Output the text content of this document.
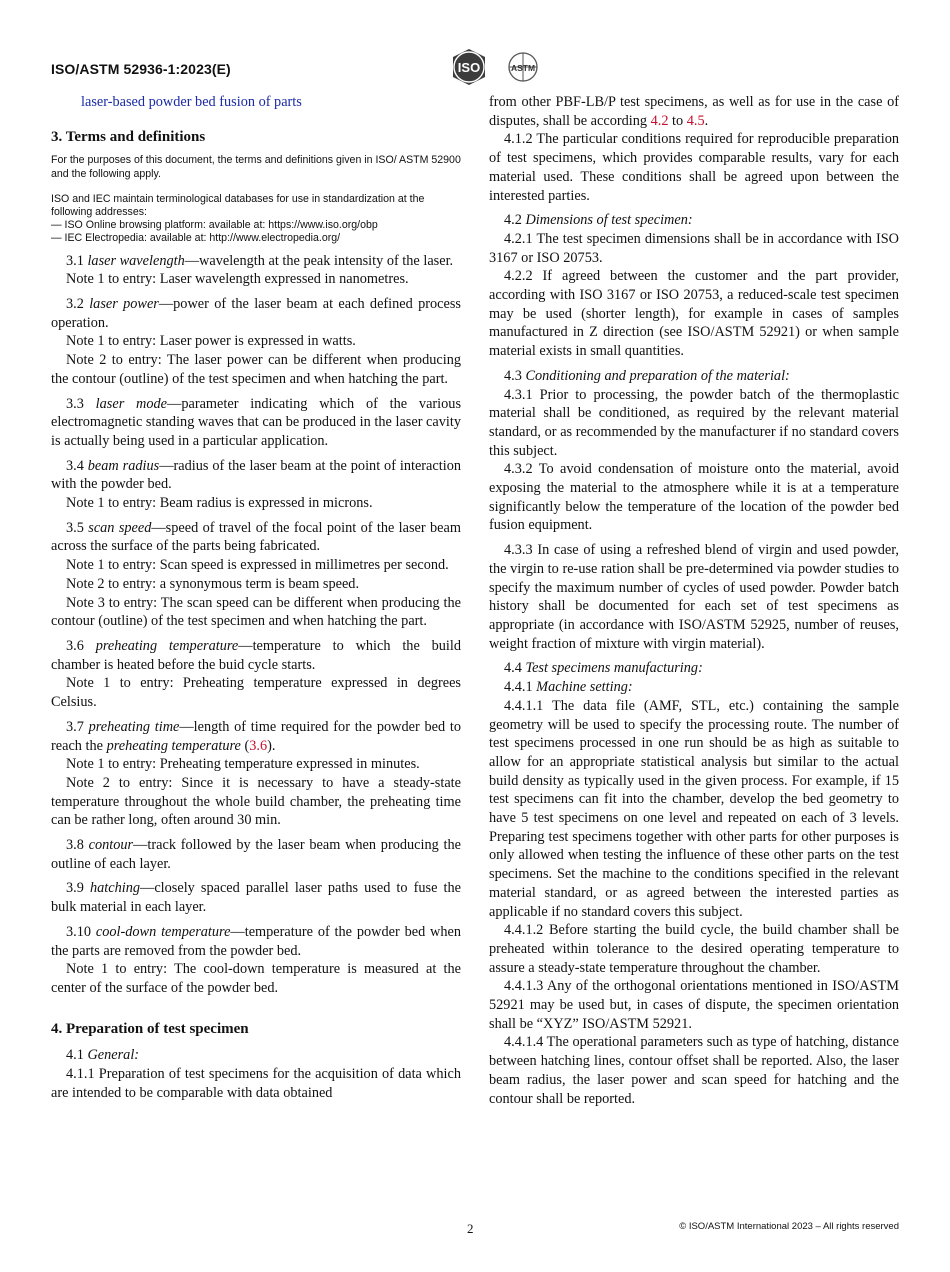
ISO/ASTM 52936-1:2023(E)	ISO	ASTM

laser-based powder bed fusion of parts

3. Terms and definitions

For the purposes of this document, the terms and definitions given in ISO/ ASTM 52900 and the following apply.

ISO and IEC maintain terminological databases for use in standardization at the following addresses:

— ISO Online browsing platform: available at: https://www.iso.org/obp

— IEC Electropedia: available at: http://www.electropedia.org/

3.1 laser wavelength—wavelength at the peak intensity of the laser.

Note 1 to entry: Laser wavelength expressed in nanometres.

3.2 laser power—power of the laser beam at each defined process operation.

Note 1 to entry: Laser power is expressed in watts.

Note 2 to entry: The laser power can be different when producing the contour (outline) of the test specimen and when hatching the part.

3.3 laser mode—parameter indicating which of the various electromagnetic standing waves that can be produced in the laser cavity is actually being used in a particular application.

3.4 beam radius—radius of the laser beam at the point of interaction with the powder bed.

Note 1 to entry: Beam radius is expressed in microns.

3.5 scan speed—speed of travel of the focal point of the laser beam across the surface of the parts being fabricated.

Note 1 to entry: Scan speed is expressed in millimetres per second.

Note 2 to entry: a synonymous term is beam speed.

Note 3 to entry: The scan speed can be different when producing the contour (outline) of the test specimen and when hatching the part.

3.6 preheating temperature—temperature to which the build chamber is heated before the buid cycle starts.

Note 1 to entry: Preheating temperature expressed in degrees Celsius.

3.7 preheating time—length of time required for the powder bed to reach the preheating temperature (3.6).

Note 1 to entry: Preheating temperature expressed in minutes.

Note 2 to entry: Since it is necessary to have a steady-state temperature throughout the whole build chamber, the preheating time can be rather long, often around 30 min.

3.8 contour—track followed by the laser beam when producing the outline of each layer.

3.9 hatching—closely spaced parallel laser paths used to fuse the bulk material in each layer.

3.10 cool-down temperature—temperature of the powder bed when the parts are removed from the powder bed.

Note 1 to entry: The cool-down temperature is measured at the center of the surface of the powder bed.

4. Preparation of test specimen

4.1 General:

4.1.1 Preparation of test specimens for the acquisition of data which are intended to be comparable with data obtained

from other PBF-LB/P test specimens, as well as for use in the case of disputes, shall be according 4.2 to 4.5.

4.1.2 The particular conditions required for reproducible preparation of test specimens, which provides comparable results, vary for each material used. These conditions shall be agreed upon between the interested parties.

4.2 Dimensions of test specimen:

4.2.1 The test specimen dimensions shall be in accordance with ISO 3167 or ISO 20753.

4.2.2 If agreed between the customer and the part provider, according with ISO 3167 or ISO 20753, a reduced-scale test specimen may be used (shorter length), for example in cases of samples manufactured in Z direction (see ISO/ASTM 52921) or when sample material exists in small quantities.

4.3 Conditioning and preparation of the material:

4.3.1 Prior to processing, the powder batch of the thermoplastic material shall be conditioned, as required by the relevant material standard, or as recommended by the manufacturer if no standard covers this subject.

4.3.2 To avoid condensation of moisture onto the material, avoid exposing the material to the atmosphere while it is at a temperature significantly below the temperature of the location of the powder bed fusion equipment.

4.3.3 In case of using a refreshed blend of virgin and used powder, the virgin to re-use ration shall be pre-determined via powder studies to specify the maximum number of cycles of used powder. Powder batch history shall be documented for each set of test specimens as appropriate (in accordance with ISO/ASTM 52925, number of reuses, weight fraction of mixture with virgin material).

4.4 Test specimens manufacturing:

4.4.1 Machine setting:

4.4.1.1 The data file (AMF, STL, etc.) containing the sample geometry will be used to specify the processing route. The number of test specimens processed in one run should be as high as suitable to allow for an appropriate statistical analysis but similar to the actual build density as typically used in the given process. For example, if 15 test specimens can fit into the chamber, develop the bed geometry to have 5 test specimens on one level and repeated on each of 3 levels. Preparing test specimens together with other parts for other purposes is only allowed when testing the influence of these other parts on the test specimens. Set the machine to the conditions specified in the relevant material standard, or as agreed between the interested parties as applicable if no standard covers this subject.

4.4.1.2 Before starting the build cycle, the build chamber shall be preheated within tolerance to the desired operating temperature to assure a steady-state temperature throughout the chamber.

4.4.1.3 Any of the orthogonal orientations mentioned in ISO/ASTM 52921 may be used but, in cases of dispute, the specimen orientation shall be “XYZ” ISO/ASTM 52921.

4.4.1.4 The operational parameters such as type of hatching, distance between hatching lines, contour offset shall be reported. Also, the laser beam radius, the laser power and scan speed for hatching and the contour shall be reported.

2	© ISO/ASTM International 2023 – All rights reserved
